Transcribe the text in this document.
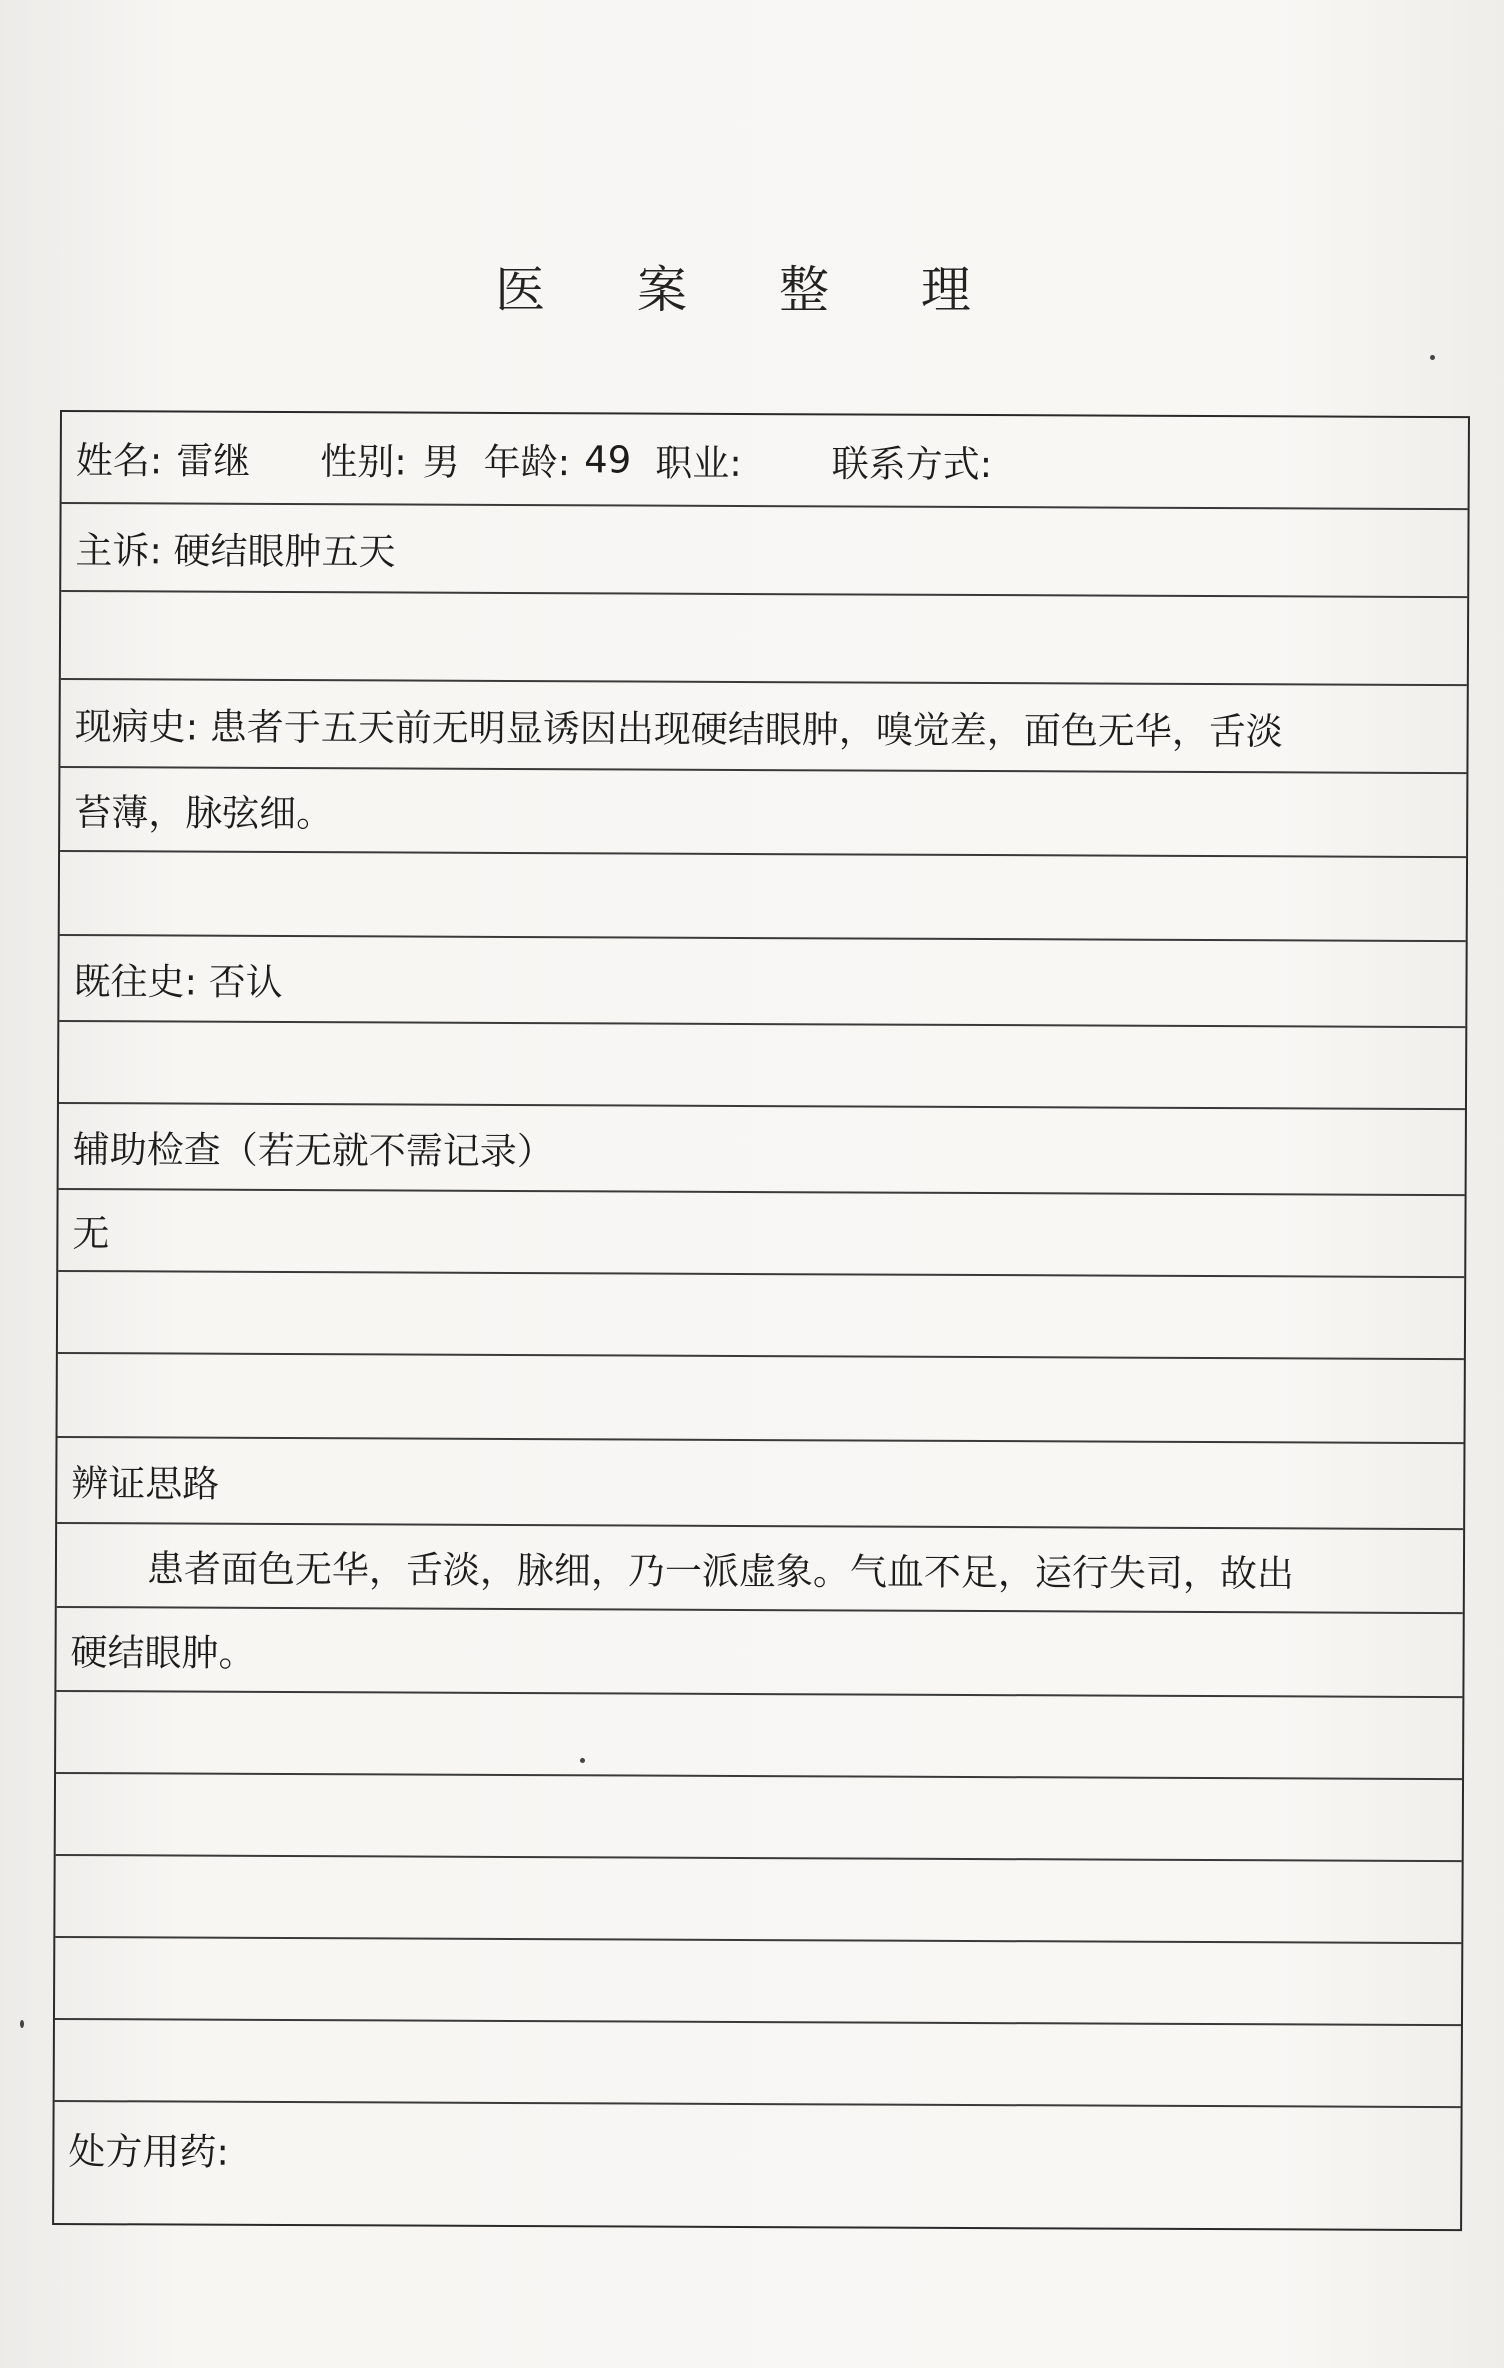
医 案 整 理
姓名: 雷继 性别: 男 年龄: 49 职业: 联系方式:
主诉: 硬结眼肿五天
现病史: 患者于五天前无明显诱因出现硬结眼肿，嗅觉差，面色无华，舌淡
苔薄，脉弦细。
既往史: 否认
辅助检查（若无就不需记录）
无
辨证思路
患者面色无华，舌淡，脉细，乃一派虚象。气血不足，运行失司，故出
硬结眼肿。
处方用药:
